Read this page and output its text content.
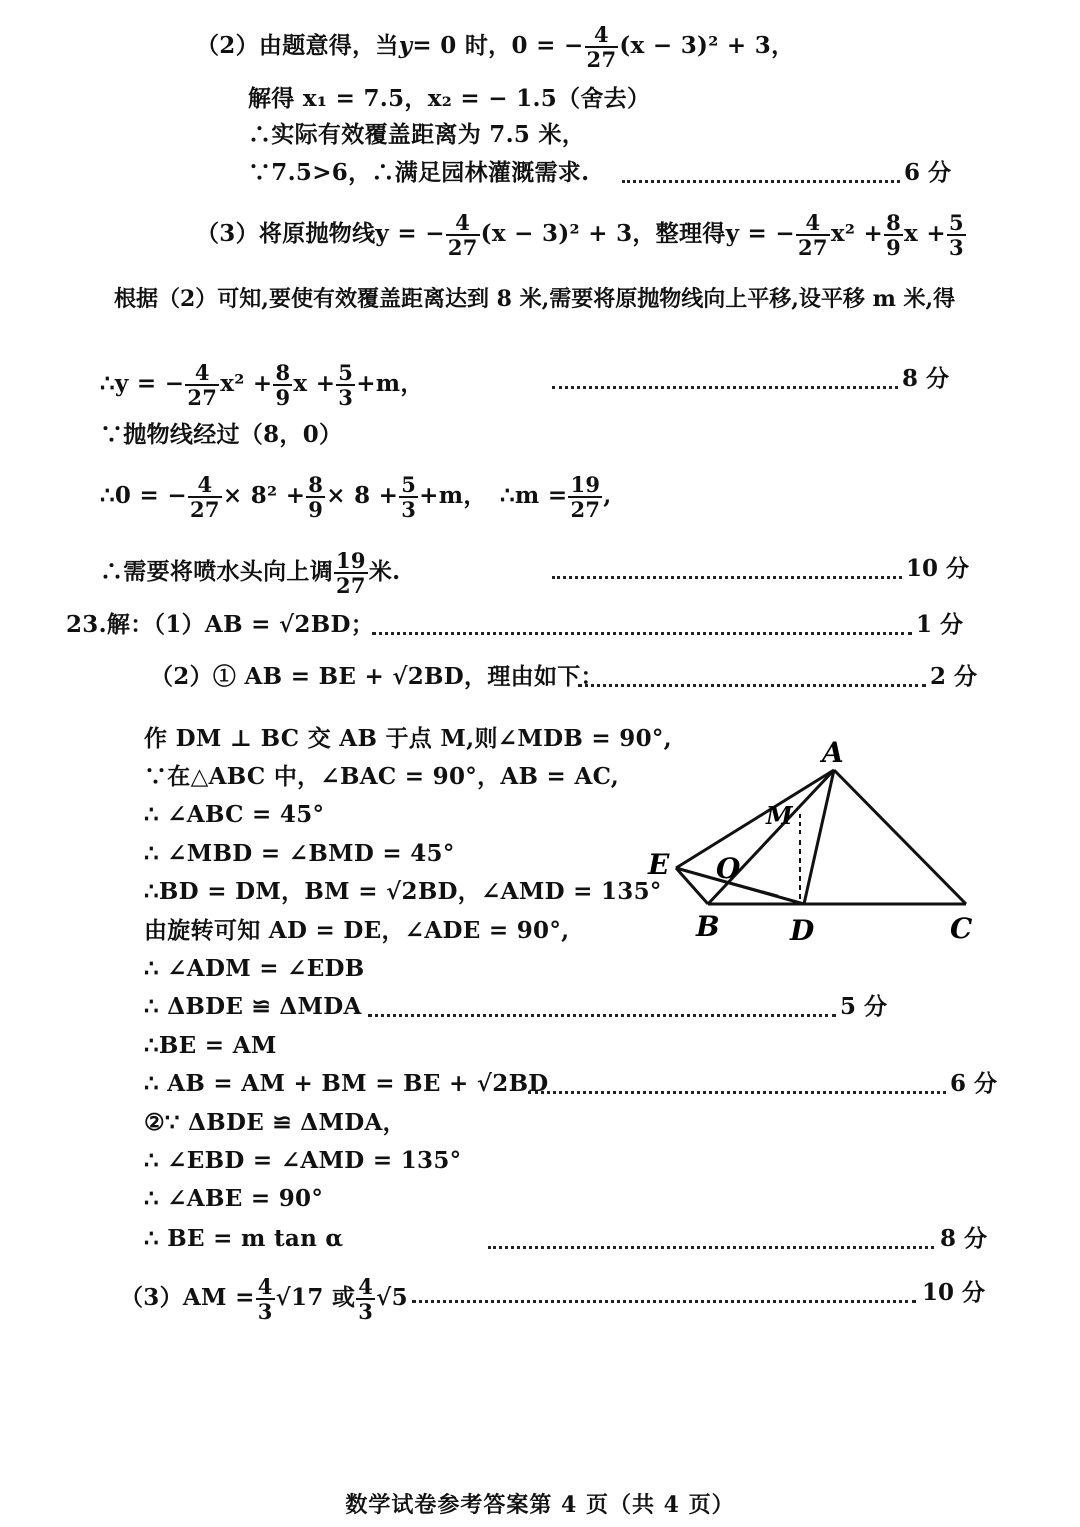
（2）由题意得，当y= 0 时，0 = − $\frac{4}{27} (x - 3)^2 + 3$，
解得 x₁ = 7.5，x₂ = − 1.5（舍去）
∴实际有效覆盖距离为 7.5 米，
∵7.5>6，∴满足园林灌溉需求.	6 分
（3）将原抛物线y = − $\frac{4}{27} (x - 3)^2 + 3$，整理得y = − $\frac{4}{27} x^2 + \frac{8}{9}$ $x + \frac{5}{3}$
根据（2）可知,要使有效覆盖距离达到 8 米,需要将原抛物线向上平移,设平移 m 米,得
∴y = − $\frac{4}{27} x^2 + \frac{8}{9}$ $x + \frac{5}{3} +m$，	8 分
∵抛物线经过（8，0）
∴0 = − $\frac{4}{27} \times 8^2 + \frac{8}{9} \times 8 + \frac{5}{3} +m$， ∴m = $\frac{19}{27}$ ,
∴需要将喷水头向上调 $\frac{19}{27}$ 米.	10 分
23.解：（1）AB = √2BD；	1 分
（2）① AB = BE + √2BD，理由如下：	2 分
作 DM ⊥ BC 交 AB 于点 M,则∠MDB = 90°,
∵在△ABC 中，∠BAC = 90°，AB = AC,
∴ ∠ABC = 45°
∴ ∠MBD = ∠BMD = 45°
∴BD = DM，BM = √2BD，∠AMD = 135°
由旋转可知 AD = DE，∠ADE = 90°,
∴ ∠ADM = ∠EDB
∴ ΔBDE ≌ ΔMDA	5 分
∴BE = AM
∴ AB = AM + BM = BE + √2BD	6 分
②∵ ΔBDE ≌ ΔMDA，
∴ ∠EBD = ∠AMD = 135°
∴ ∠ABE = 90°
∴ BE = m tan α	8 分
$(3)AM = \frac{4}{3} √17$ 或 $\frac{4}{3} √5$	10 分
A
M
E O
B	D	C
数学试卷参考答案第 4 页（共 4 页）
